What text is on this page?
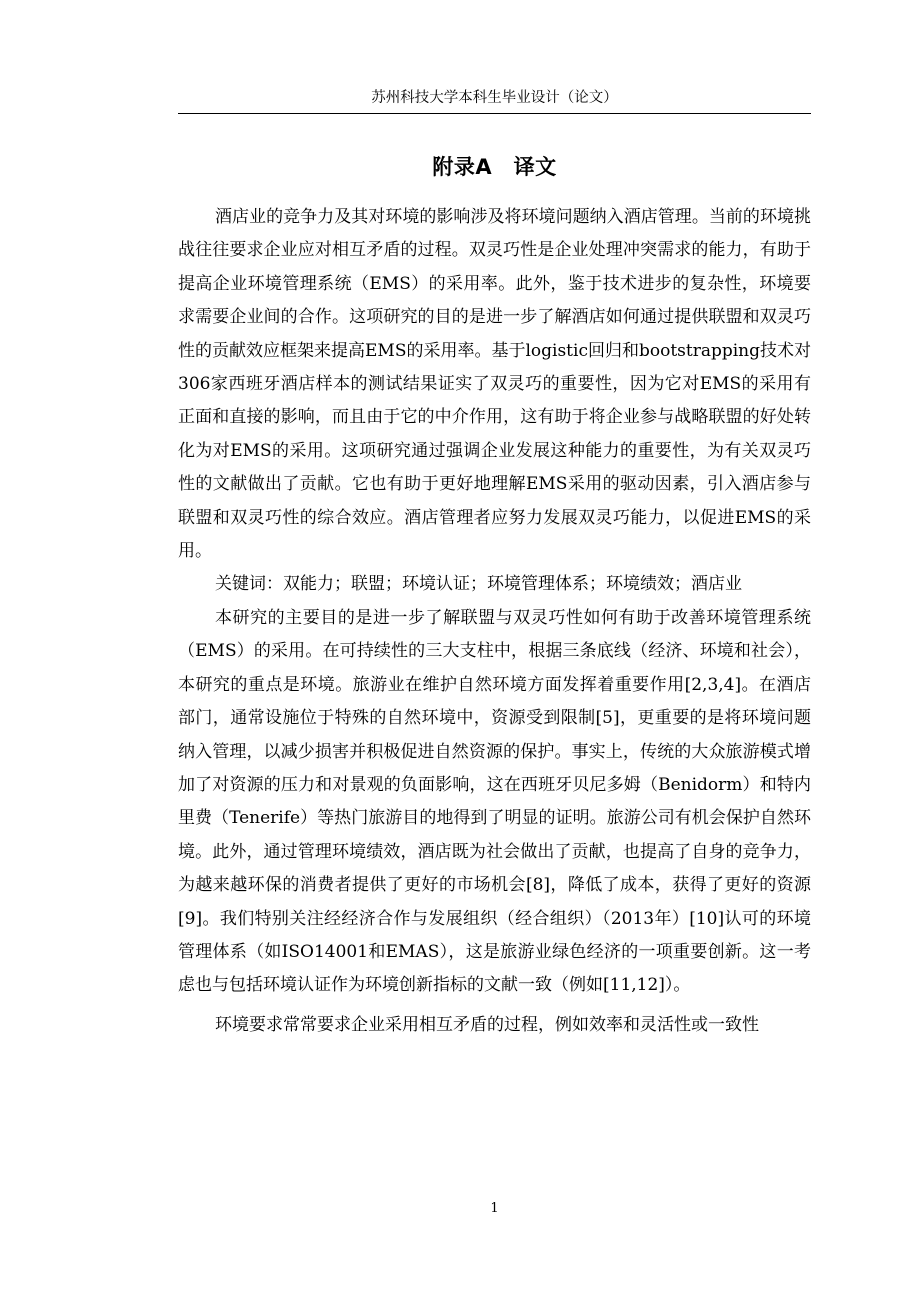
苏州科技大学本科生毕业设计（论文）
附录A　译文

酒店业的竞争力及其对环境的影响涉及将环境问题纳入酒店管理。当前的环境挑战往往要求企业应对相互矛盾的过程。双灵巧性是企业处理冲突需求的能力，有助于提高企业环境管理系统（EMS）的采用率。此外，鉴于技术进步的复杂性，环境要求需要企业间的合作。这项研究的目的是进一步了解酒店如何通过提供联盟和双灵巧性的贡献效应框架来提高EMS的采用率。基于logistic回归和bootstrapping技术对306家西班牙酒店样本的测试结果证实了双灵巧的重要性，因为它对EMS的采用有正面和直接的影响，而且由于它的中介作用，这有助于将企业参与战略联盟的好处转化为对EMS的采用。这项研究通过强调企业发展这种能力的重要性，为有关双灵巧性的文献做出了贡献。它也有助于更好地理解EMS采用的驱动因素，引入酒店参与联盟和双灵巧性的综合效应。酒店管理者应努力发展双灵巧能力，以促进EMS的采用。

关键词：双能力；联盟；环境认证；环境管理体系；环境绩效；酒店业

本研究的主要目的是进一步了解联盟与双灵巧性如何有助于改善环境管理系统（EMS）的采用。在可持续性的三大支柱中，根据三条底线（经济、环境和社会），本研究的重点是环境。旅游业在维护自然环境方面发挥着重要作用[2,3,4]。在酒店部门，通常设施位于特殊的自然环境中，资源受到限制[5]，更重要的是将环境问题纳入管理，以减少损害并积极促进自然资源的保护。事实上，传统的大众旅游模式增加了对资源的压力和对景观的负面影响，这在西班牙贝尼多姆（Benidorm）和特内里费（Tenerife）等热门旅游目的地得到了明显的证明。旅游公司有机会保护自然环境。此外，通过管理环境绩效，酒店既为社会做出了贡献，也提高了自身的竞争力，为越来越环保的消费者提供了更好的市场机会[8]，降低了成本，获得了更好的资源[9]。我们特别关注经经济合作与发展组织（经合组织）（2013年）[10]认可的环境管理体系（如ISO14001和EMAS），这是旅游业绿色经济的一项重要创新。这一考虑也与包括环境认证作为环境创新指标的文献一致（例如[11,12]）。

环境要求常常要求企业采用相互矛盾的过程，例如效率和灵活性或一致性

1
